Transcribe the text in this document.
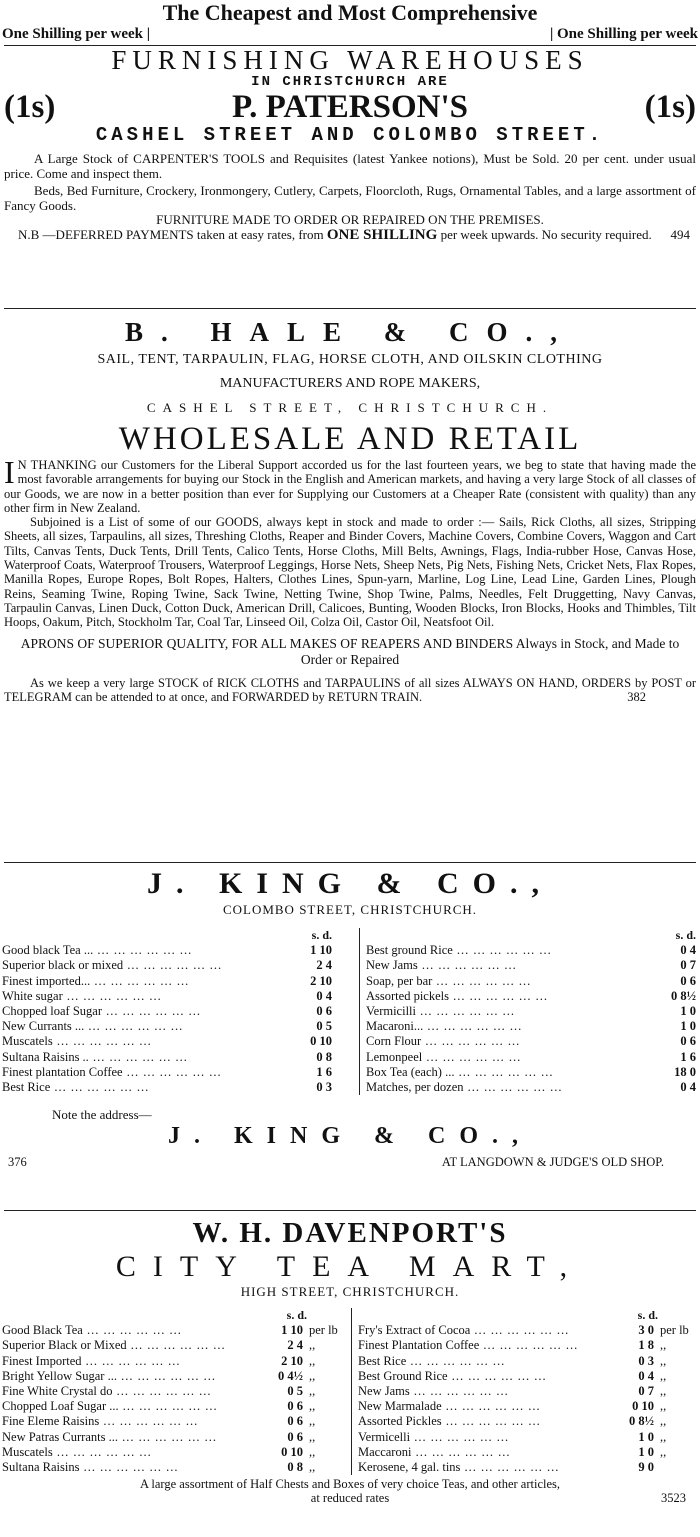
The Cheapest and Most Comprehensive
One Shilling per week |	| One Shilling per week
FURNISHING WAREHOUSES
IN CHRISTCHURCH ARE
(1s)	P. PATERSON'S	(1s)
CASHEL STREET AND COLOMBO STREET.
A Large Stock of CARPENTER'S TOOLS and Requisites (latest Yankee notions), Must be Sold. 20 per cent. under usual price. Come and inspect them.
Beds, Bed Furniture, Crockery, Ironmongery, Cutlery, Carpets, Floorcloth, Rugs, Ornamental Tables, and a large assortment of Fancy Goods.
FURNITURE MADE TO ORDER OR REPAIRED ON THE PREMISES.
N.B —DEFERRED PAYMENTS taken at easy rates, from ONE SHILLING per week upwards. No security required.	494
B. HALE & CO.,
SAIL, TENT, TARPAULIN, FLAG, HORSE CLOTH, AND OILSKIN CLOTHING
MANUFACTURERS AND ROPE MAKERS,
CASHEL STREET, CHRISTCHURCH.
WHOLESALE AND RETAIL
I N THANKING our Customers for the Liberal Support accorded us for the last fourteen years, we beg to state that having made the most favorable arrangements for buying our Stock in the English and American markets, and having a very large Stock of all classes of our Goods, we are now in a better position than ever for Supplying our Customers at a Cheaper Rate (consistent with quality) than any other firm in New Zealand.
Subjoined is a List of some of our GOODS, always kept in stock and made to order :— Sails, Rick Cloths, all sizes, Stripping Sheets, all sizes, Tarpaulins, all sizes, Threshing Cloths, Reaper and Binder Covers, Machine Covers, Combine Covers, Waggon and Cart Tilts, Canvas Tents, Duck Tents, Drill Tents, Calico Tents, Horse Cloths, Mill Belts, Awnings, Flags, India-rubber Hose, Canvas Hose, Waterproof Coats, Waterproof Trousers, Waterproof Leggings, Horse Nets, Sheep Nets, Pig Nets, Fishing Nets, Cricket Nets, Flax Ropes, Manilla Ropes, Europe Ropes, Bolt Ropes, Halters, Clothes Lines, Spun-yarn, Marline, Log Line, Lead Line, Garden Lines, Plough Reins, Seaming Twine, Roping Twine, Sack Twine, Netting Twine, Shop Twine, Palms, Needles, Felt Druggetting, Navy Canvas, Tarpaulin Canvas, Linen Duck, Cotton Duck, American Drill, Calicoes, Bunting, Wooden Blocks, Iron Blocks, Hooks and Thimbles, Tilt Hoops, Oakum, Pitch, Stockholm Tar, Coal Tar, Linseed Oil, Colza Oil, Castor Oil, Neatsfoot Oil.
APRONS OF SUPERIOR QUALITY, FOR ALL MAKES OF REAPERS AND BINDERS Always in Stock, and Made to Order or Repaired
As we keep a very large STOCK of RICK CLOTHS and TARPAULINS of all sizes ALWAYS ON HAND, ORDERS by POST or TELEGRAM can be attended to at once, and FORWARDED by RETURN TRAIN.	382
J. KING & CO.,
COLOMBO STREET, CHRISTCHURCH.
s. d.
Good black Tea ... ...	1 10
Superior black or mixed ...	2 4
Finest imported... ...	2 10
White sugar ...	0 4
Chopped loaf Sugar ...	0 6
New Currants ... ...	0 5
Muscatels ...	0 10
Sultana Raisins .. ...	0 8
Finest plantation Coffee ...	1 6
Best Rice ...	0 3
s. d.
Best ground Rice ...	0 4
New Jams ...	0 7
Soap, per bar ...	0 6
Assorted pickels ...	0 8½
Vermicilli ...	1 0
Macaroni... ...	1 0
Corn Flour ...	0 6
Lemonpeel ...	1 6
Box Tea (each) ... ...	18 0
Matches, per dozen ...	0 4
Note the address—
J. KING & CO.,
376	AT LANGDOWN & JUDGE'S OLD SHOP.
W. H. DAVENPORT'S
CITY TEA MART,
HIGH STREET, CHRISTCHURCH.
s. d.
Good Black Tea ...	1 10 per lb
Superior Black or Mixed ...	2 4 ,,
Finest Imported ...	2 10 ,,
Bright Yellow Sugar ... ...	0 4½ ,,
Fine White Crystal do ...	0 5 ,,
Chopped Loaf Sugar ... ...	0 6 ,,
Fine Eleme Raisins ...	0 6 ,,
New Patras Currants ... ...	0 6 ,,
Muscatels ...	0 10 ,,
Sultana Raisins ...	0 8 ,,
s. d.
Fry's Extract of Cocoa ...	3 0 per lb
Finest Plantation Coffee ...	1 8 ,,
Best Rice ...	0 3 ,,
Best Ground Rice ...	0 4 ,,
New Jams ...	0 7 ,,
New Marmalade ...	0 10 ,,
Assorted Pickles ...	0 8½ ,,
Vermicelli ...	1 0 ,,
Maccaroni ...	1 0 ,,
Kerosene, 4 gal. tins ...	9 0
A large assortment of Half Chests and Boxes of very choice Teas, and other articles,
at reduced rates	3523
